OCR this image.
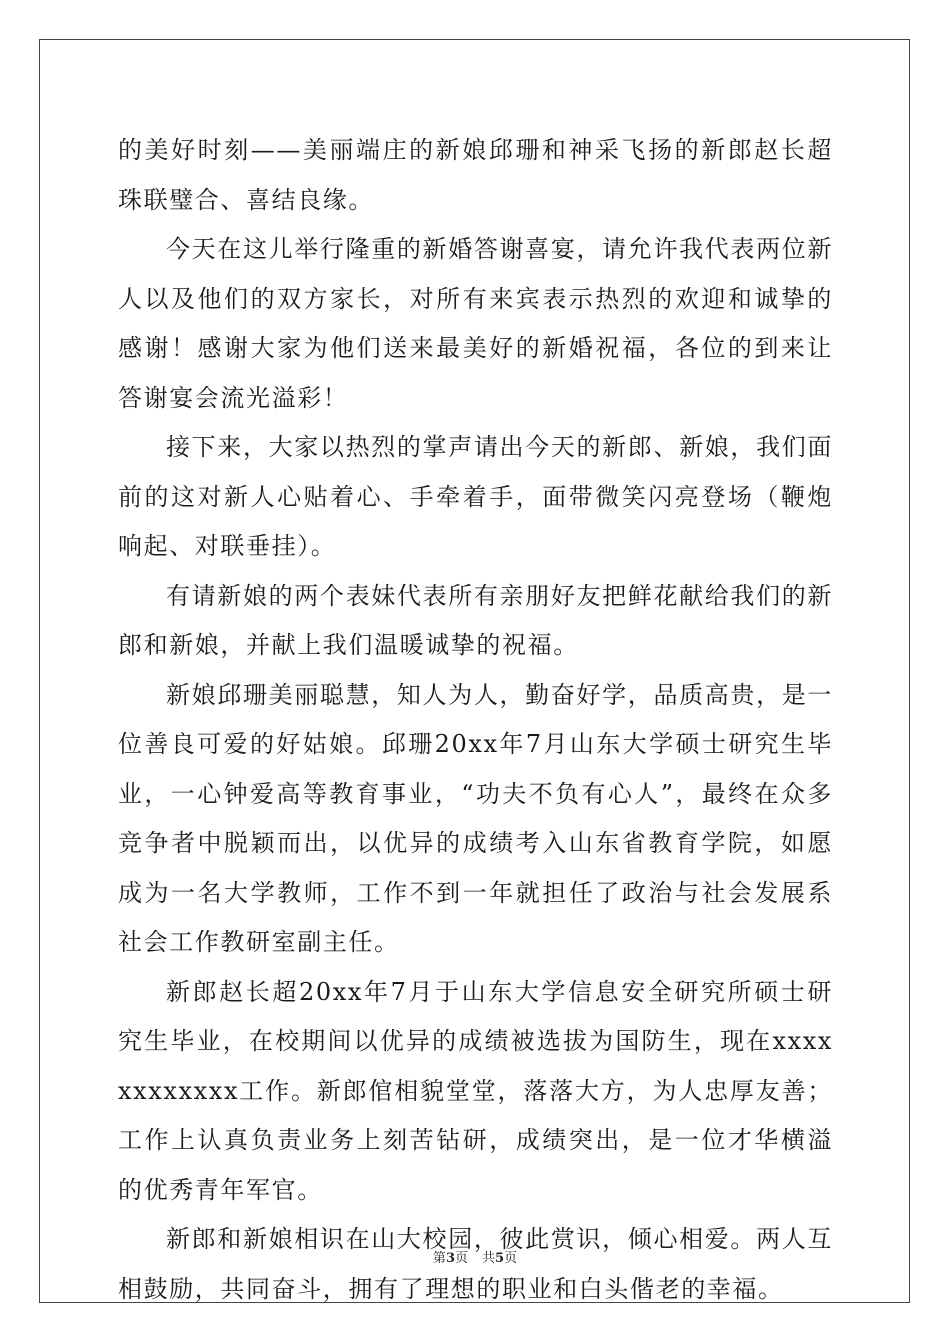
的美好时刻——美丽端庄的新娘邱珊和神采飞扬的新郎赵长超珠联璧合、喜结良缘。

今天在这儿举行隆重的新婚答谢喜宴，请允许我代表两位新人以及他们的双方家长，对所有来宾表示热烈的欢迎和诚挚的感谢！感谢大家为他们送来最美好的新婚祝福，各位的到来让答谢宴会流光溢彩！

接下来，大家以热烈的掌声请出今天的新郎、新娘，我们面前的这对新人心贴着心、手牵着手，面带微笑闪亮登场（鞭炮响起、对联垂挂）。

有请新娘的两个表妹代表所有亲朋好友把鲜花献给我们的新郎和新娘，并献上我们温暖诚挚的祝福。

新娘邱珊美丽聪慧，知人为人，勤奋好学，品质高贵，是一位善良可爱的好姑娘。邱珊20xx年7月山东大学硕士研究生毕业，一心钟爱高等教育事业，“功夫不负有心人”，最终在众多竞争者中脱颖而出，以优异的成绩考入山东省教育学院，如愿成为一名大学教师，工作不到一年就担任了政治与社会发展系社会工作教研室副主任。

新郎赵长超20xx年7月于山东大学信息安全研究所硕士研究生毕业，在校期间以优异的成绩被选拔为国防生，现在xxxxxxxxxxxx工作。新郎倌相貌堂堂，落落大方，为人忠厚友善；工作上认真负责业务上刻苦钻研，成绩突出，是一位才华横溢的优秀青年军官。

新郎和新娘相识在山大校园，彼此赏识，倾心相爱。两人互相鼓励，共同奋斗，拥有了理想的职业和白头偕老的幸福。

第3页 共5页
